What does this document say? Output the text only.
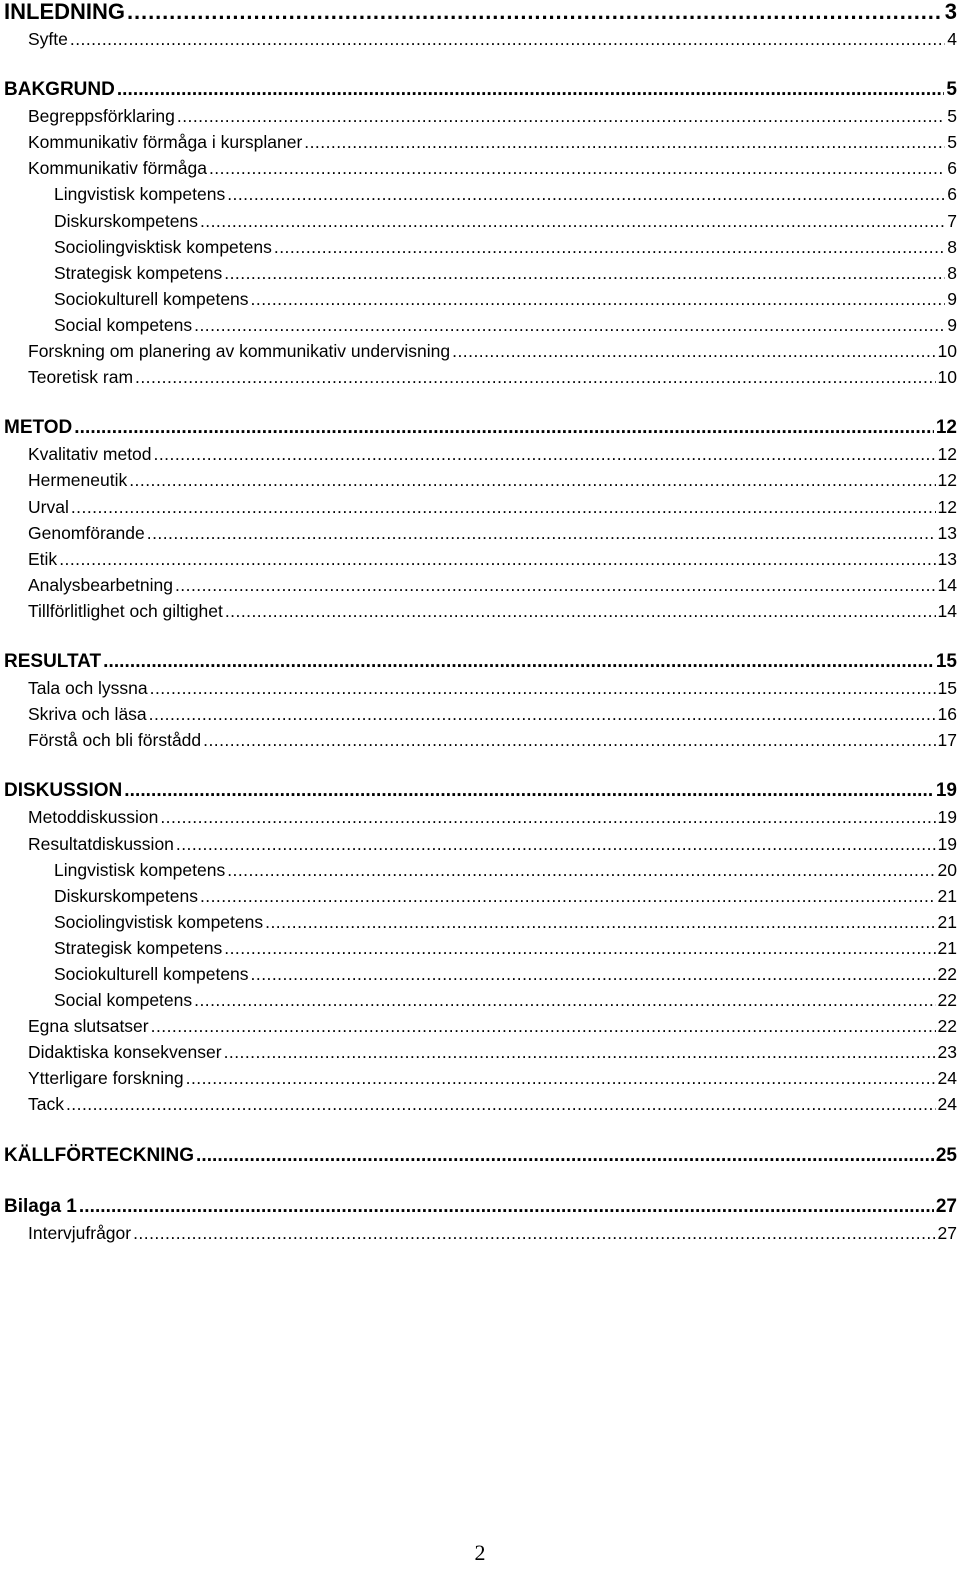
INLEDNING . . .	3
Syfte . . .	4
BAKGRUND . . .	5
Begreppsförklaring . . .	5
Kommunikativ förmåga i kursplaner . . .	5
Kommunikativ förmåga . . .	6
Lingvistisk kompetens . . .	6
Diskurskompetens . . .	7
Sociolingvisktisk kompetens . . .	8
Strategisk kompetens . . .	8
Sociokulturell kompetens . . .	9
Social kompetens . . .	9
Forskning om planering av kommunikativ undervisning . . .	10
Teoretisk ram . . .	10
METOD . . .	12
Kvalitativ metod . . .	12
Hermeneutik . . .	12
Urval . . .	12
Genomförande . . .	13
Etik . . .	13
Analysbearbetning . . .	14
Tillförlitlighet och giltighet . . .	14
RESULTAT . . .	15
Tala och lyssna . . .	15
Skriva och läsa . . .	16
Förstå och bli förstådd . . .	17
DISKUSSION . . .	19
Metoddiskussion . . .	19
Resultatdiskussion . . .	19
Lingvistisk kompetens . . .	20
Diskurskompetens . . .	21
Sociolingvistisk kompetens . . .	21
Strategisk kompetens . . .	21
Sociokulturell kompetens . . .	22
Social kompetens . . .	22
Egna slutsatser . . .	22
Didaktiska konsekvenser . . .	23
Ytterligare forskning . . .	24
Tack . . .	24
KÄLLFÖRTECKNING . . .	25
Bilaga 1 . . .	27
Intervjufrågor . . .	27
2
